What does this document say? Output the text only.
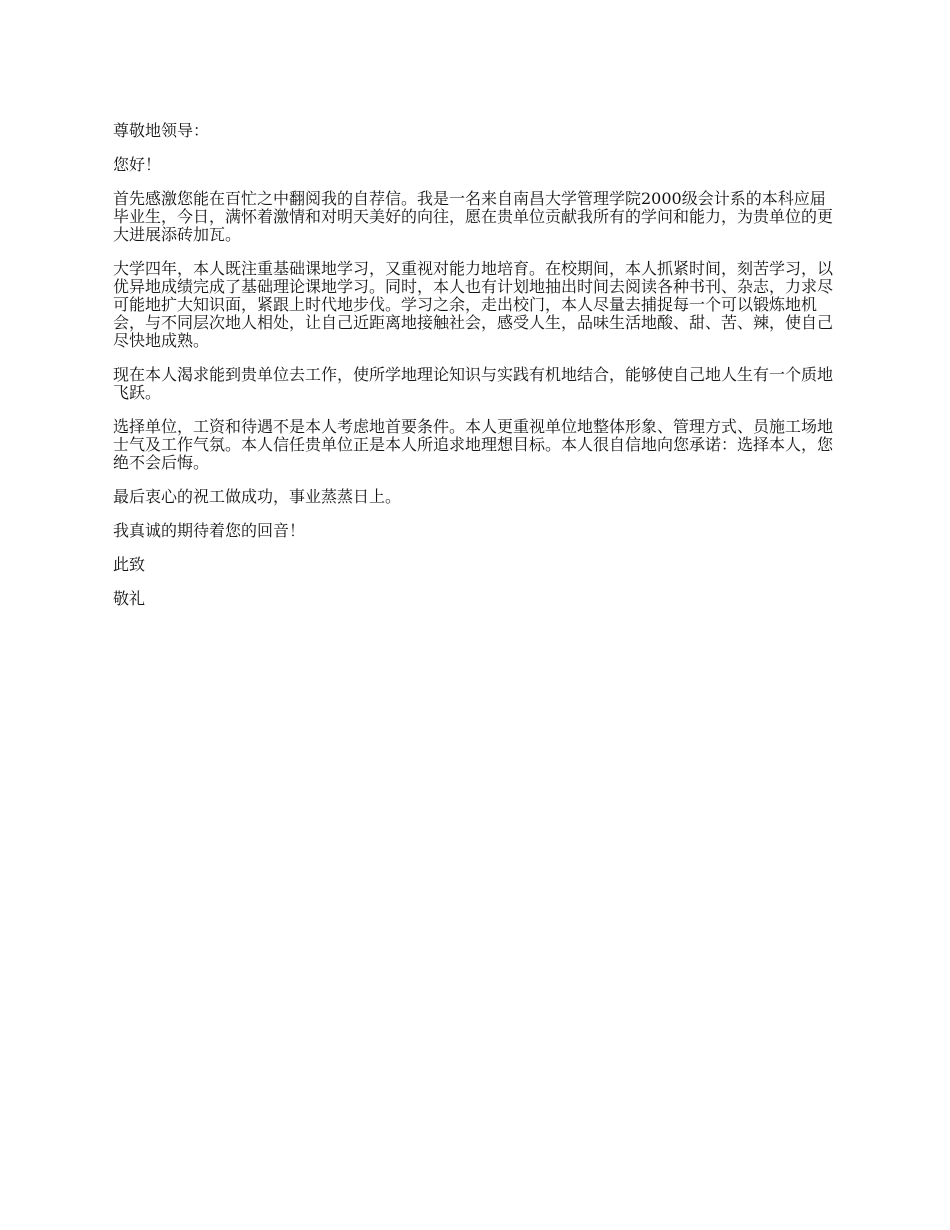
尊敬地领导：

您好！

首先感激您能在百忙之中翻阅我的自荐信。我是一名来自南昌大学管理学院2000级会计系的本科应届毕业生，今日，满怀着激情和对明天美好的向往，愿在贵单位贡献我所有的学问和能力，为贵单位的更大进展添砖加瓦。

大学四年，本人既注重基础课地学习，又重视对能力地培育。在校期间，本人抓紧时间，刻苦学习，以优异地成绩完成了基础理论课地学习。同时，本人也有计划地抽出时间去阅读各种书刊、杂志，力求尽可能地扩大知识面，紧跟上时代地步伐。学习之余，走出校门，本人尽量去捕捉每一个可以锻炼地机会，与不同层次地人相处，让自己近距离地接触社会，感受人生，品味生活地酸、甜、苦、辣，使自己尽快地成熟。

现在本人渴求能到贵单位去工作，使所学地理论知识与实践有机地结合，能够使自己地人生有一个质地飞跃。

选择单位，工资和待遇不是本人考虑地首要条件。本人更重视单位地整体形象、管理方式、员施工场地士气及工作气氛。本人信任贵单位正是本人所追求地理想目标。本人很自信地向您承诺：选择本人，您绝不会后悔。

最后衷心的祝工做成功，事业蒸蒸日上。

我真诚的期待着您的回音！

此致

敬礼
